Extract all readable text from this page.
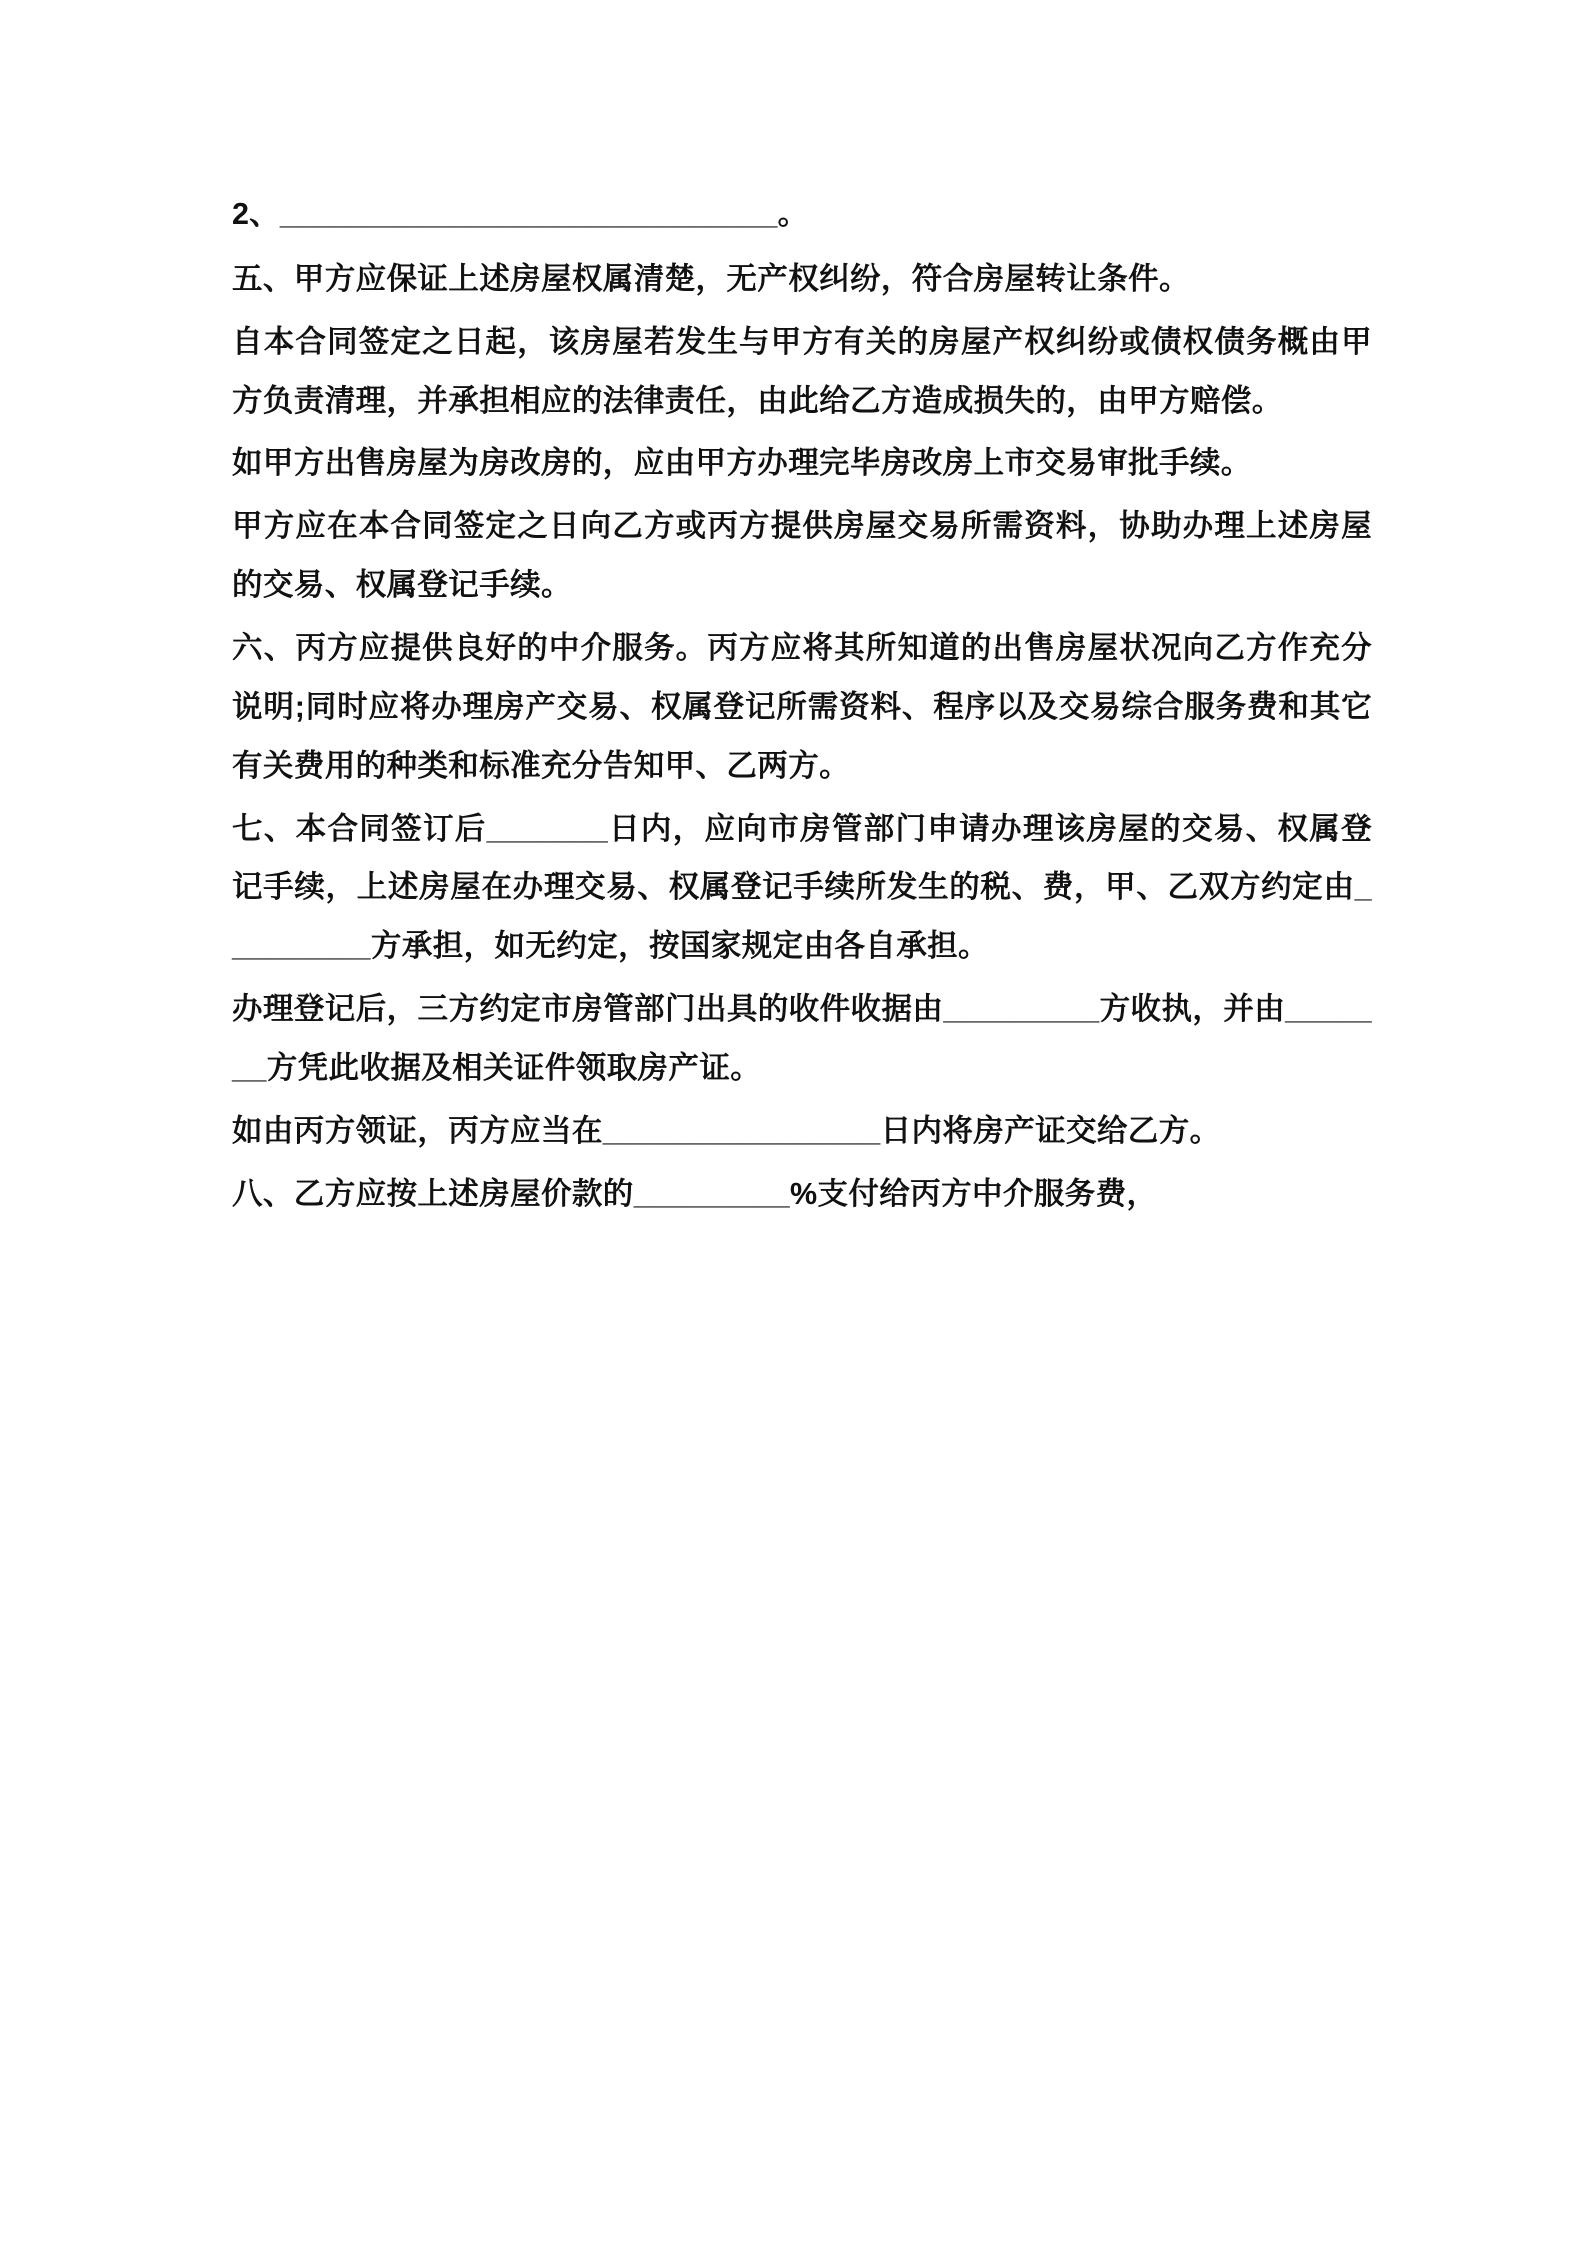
2、_____________________________。

五、甲方应保证上述房屋权属清楚，无产权纠纷，符合房屋转让条件。

自本合同签定之日起，该房屋若发生与甲方有关的房屋产权纠纷或债权债务概由甲方负责清理，并承担相应的法律责任，由此给乙方造成损失的，由甲方赔偿。

如甲方出售房屋为房改房的，应由甲方办理完毕房改房上市交易审批手续。

甲方应在本合同签定之日向乙方或丙方提供房屋交易所需资料，协助办理上述房屋的交易、权属登记手续。

六、丙方应提供良好的中介服务。丙方应将其所知道的出售房屋状况向乙方作充分说明;同时应将办理房产交易、权属登记所需资料、程序以及交易综合服务费和其它有关费用的种类和标准充分告知甲、乙两方。

七、本合同签订后_______日内，应向市房管部门申请办理该房屋的交易、权属登记手续，上述房屋在办理交易、权属登记手续所发生的税、费，甲、乙双方约定由_________方承担，如无约定，按国家规定由各自承担。

办理登记后，三方约定市房管部门出具的收件收据由_________方收执，并由_______方凭此收据及相关证件领取房产证。

如由丙方领证，丙方应当在________________日内将房产证交给乙方。

八、乙方应按上述房屋价款的_________%支付给丙方中介服务费，
